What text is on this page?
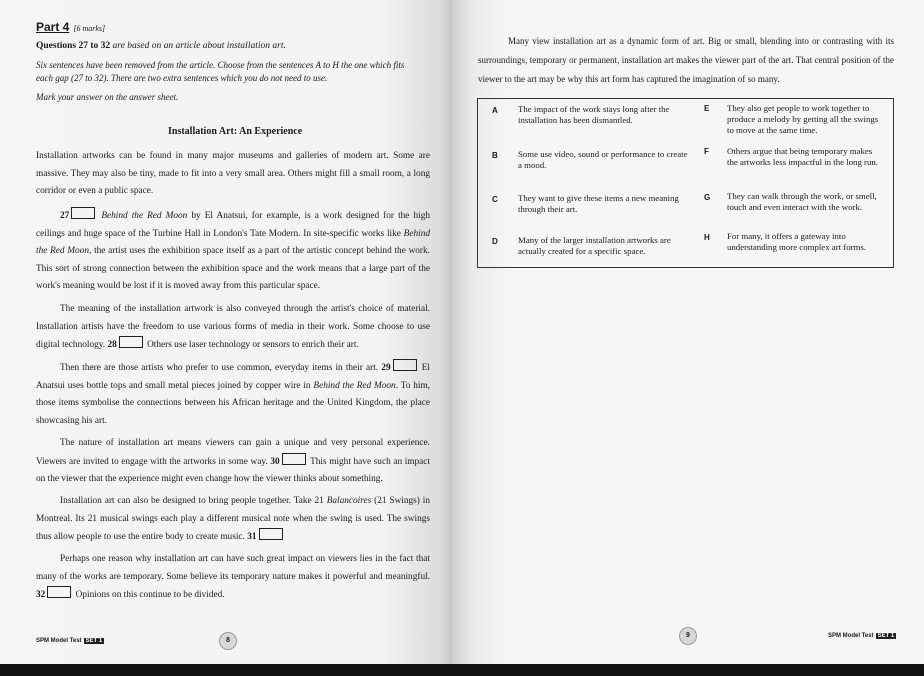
Part 4 [6 marks]
Questions 27 to 32 are based on an article about installation art.
Six sentences have been removed from the article. Choose from the sentences A to H the one which fits
each gap (27 to 32). There are two extra sentences which you do not need to use.
Mark your answer on the answer sheet.
Installation Art: An Experience
Installation artworks can be found in many major museums and galleries of modern art. Some are massive. They may also be tiny, made to fit into a very small area. Others might fill a small room, a long corridor or even a public space.
27	Behind the Red Moon by El Anatsui, for example, is a work designed for the high ceilings and huge space of the Turbine Hall in London's Tate Modern. In site-specific works like Behind the Red Moon, the artist uses the exhibition space itself as a part of the artistic concept behind the work. This sort of strong connection between the exhibition space and the work means that a large part of the work's meaning would be lost if it is moved away from this particular space.
The meaning of the installation artwork is also conveyed through the artist's choice of material. Installation artists have the freedom to use various forms of media in their work. Some choose to use digital technology. 28	Others use laser technology or sensors to enrich their art.
Then there are those artists who prefer to use common, everyday items in their art. 29	El Anatsui uses bottle tops and small metal pieces joined by copper wire in Behind the Red Moon. To him, those items symbolise the connections between his African heritage and the United Kingdom, the place showcasing his art.
The nature of installation art means viewers can gain a unique and very personal experience. Viewers are invited to engage with the artworks in some way. 30	This might have such an impact on the viewer that the experience might even change how the viewer thinks about something.
Installation art can also be designed to bring people together. Take 21 Balancoires (21 Swings) in Montreal. Its 21 musical swings each play a different musical note when the swing is used. The swings thus allow people to use the entire body to create music. 31
Perhaps one reason why installation art can have such great impact on viewers lies in the fact that many of the works are temporary. Some believe its temporary nature makes it powerful and meaningful. 32	Opinions on this continue to be divided.
SPM Model Test SET 1	8
Many view installation art as a dynamic form of art. Big or small, blending into or contrasting with its surroundings, temporary or permanent, installation art makes the viewer part of the art. That central position of the viewer to the art may be why this art form has captured the imagination of so many.
A The impact of the work stays long after the installation has been dismantled.
B Some use video, sound or performance to create a mood.
C They want to give these items a new meaning through their art.
D Many of the larger installation artworks are actually created for a specific space.
E They also get people to work together to produce a melody by getting all the swings to move at the same time.
F Others argue that being temporary makes the artworks less impactful in the long run.
G They can walk through the work, or smell, touch and even interact with the work.
H For many, it offers a gateway into understanding more complex art forms.
9	SPM Model Test SET 1
